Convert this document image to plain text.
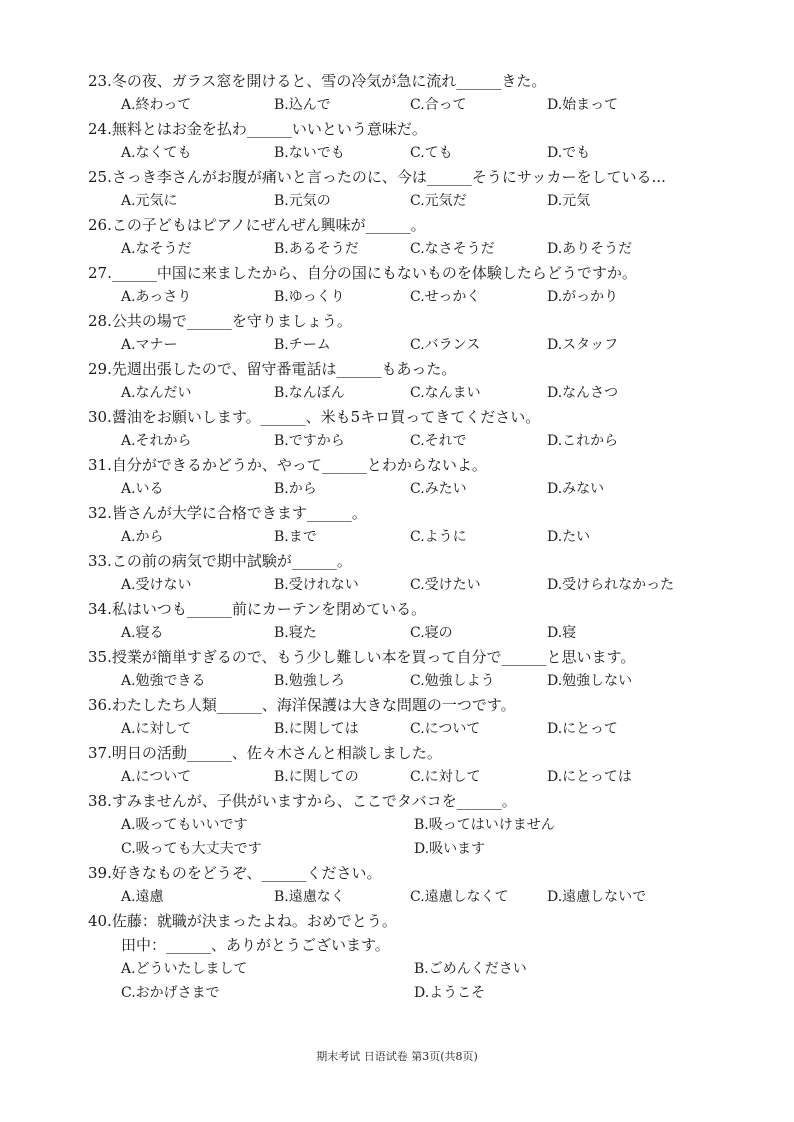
23.冬の夜、ガラス窓を開けると、雪の冷気が急に流れ______きた。
A.終わって	B.込んで	C.合って	D.始まって
24.無料とはお金を払わ______いいという意味だ。
A.なくても	B.ないでも	C.ても	D.でも
25.さっき李さんがお腹が痛いと言ったのに、今は______そうにサッカーをしている...
A.元気に	B.元気の	C.元気だ	D.元気
26.この子どもはピアノにぜんぜん興味が______。
A.なそうだ	B.あるそうだ	C.なさそうだ	D.ありそうだ
27.______中国に来ましたから、自分の国にもないものを体験したらどうですか。
A.あっさり	B.ゆっくり	C.せっかく	D.がっかり
28.公共の場で______を守りましょう。
A.マナー	B.チーム	C.バランス	D.スタッフ
29.先週出張したので、留守番電話は______もあった。
A.なんだい	B.なんぼん	C.なんまい	D.なんさつ
30.醤油をお願いします。______、米も5キロ買ってきてください。
A.それから	B.ですから	C.それで	D.これから
31.自分ができるかどうか、やって______とわからないよ。
A.いる	B.から	C.みたい	D.みない
32.皆さんが大学に合格できます______。
A.から	B.まで	C.ように	D.たい
33.この前の病気で期中試験が______。
A.受けない	B.受けれない	C.受けたい	D.受けられなかった
34.私はいつも______前にカーテンを閉めている。
A.寝る	B.寝た	C.寝の	D.寝
35.授業が簡単すぎるので、もう少し難しい本を買って自分で______と思います。
A.勉強できる	B.勉強しろ	C.勉強しよう	D.勉強しない
36.わたしたち人類______、海洋保護は大きな問題の一つです。
A.に対して	B.に関しては	C.について	D.にとって
37.明日の活動______、佐々木さんと相談しました。
A.について	B.に関しての	C.に対して	D.にとっては
38.すみませんが、子供がいますから、ここでタバコを______。
A.吸ってもいいです	B.吸ってはいけません
C.吸っても大丈夫です	D.吸います
39.好きなものをどうぞ、______ください。
A.遠慮	B.遠慮なく	C.遠慮しなくて	D.遠慮しないで
40.佐藤：就職が決まったよね。おめでとう。
田中：______、ありがとうございます。
A.どういたしまして	B.ごめんください
C.おかげさまで	D.ようこそ
期末考试 日语试卷 第3页(共8页)
